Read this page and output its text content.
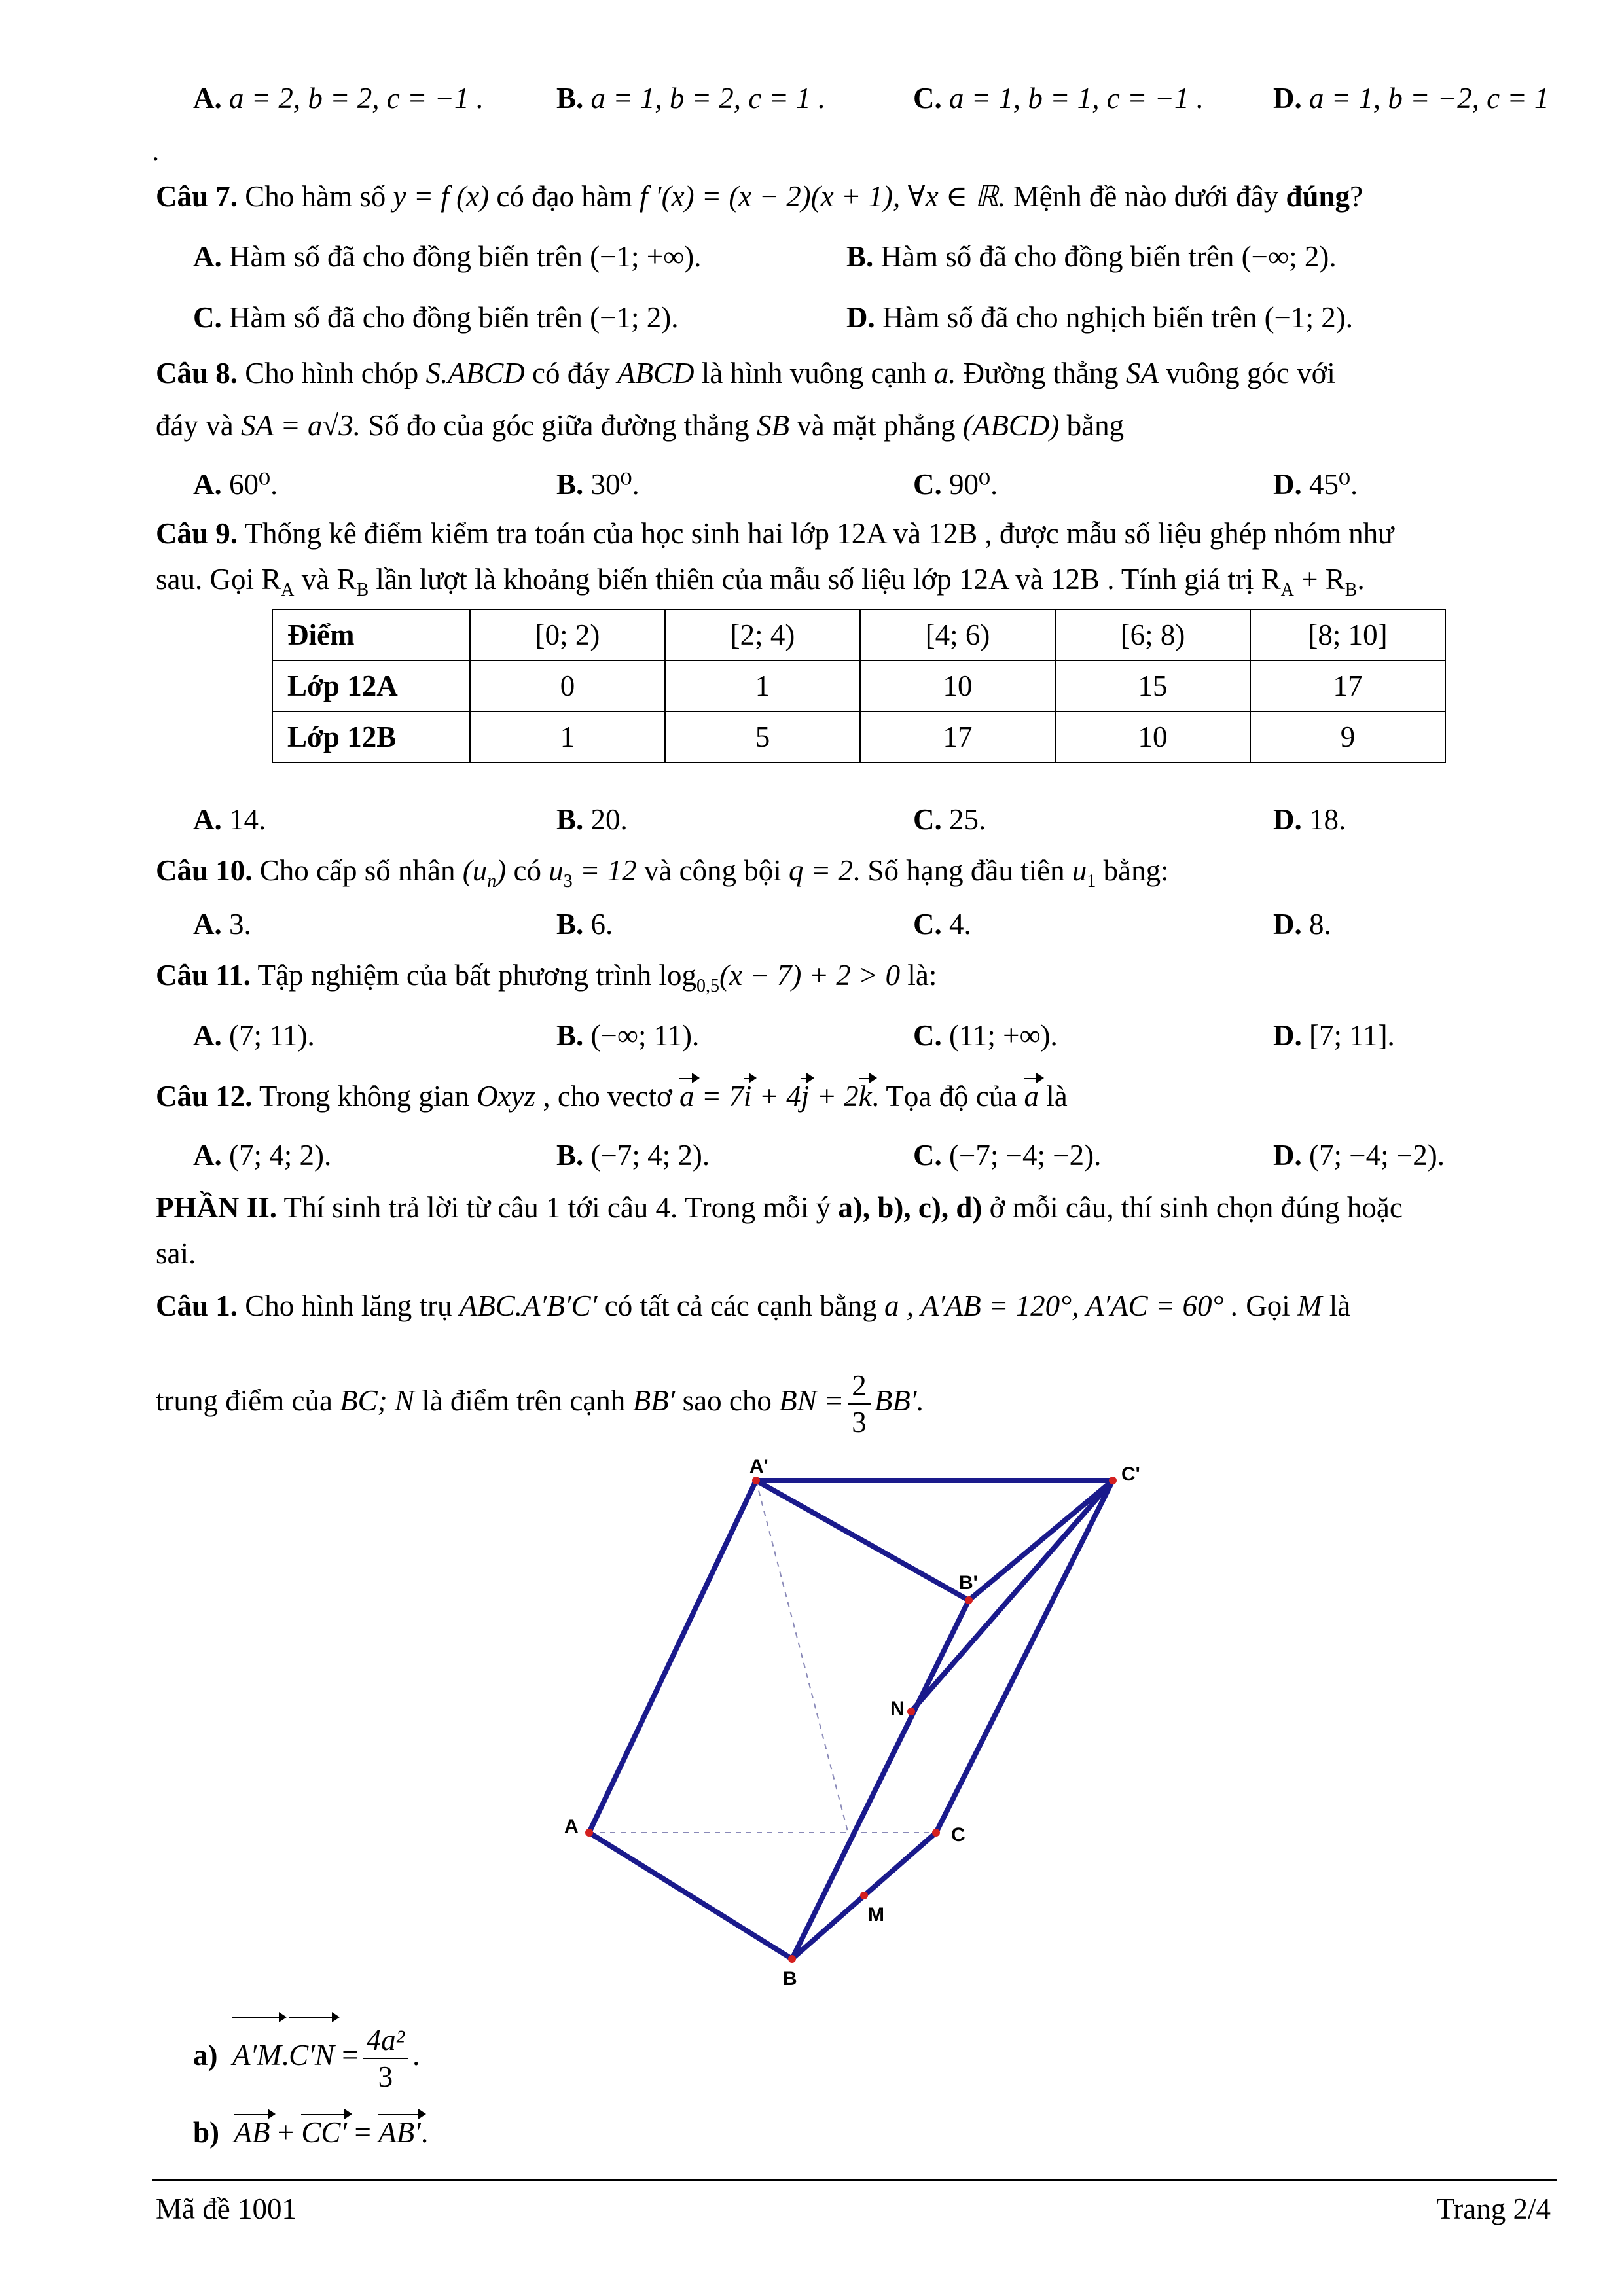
A. a = 2, b = 2, c = −1 . B. a = 1, b = 2, c = 1 .	C. a = 1, b = 1, c = −1 . D. a = 1, b = −2, c = 1
.
Câu 7. Cho hàm số y = f (x) có đạo hàm f ′(x) = (x − 2)(x + 1), ∀x ∈ ℝ. Mệnh đề nào dưới đây đúng?
A. Hàm số đã cho đồng biến trên (−1; +∞).	B. Hàm số đã cho đồng biến trên (−∞; 2).
C. Hàm số đã cho đồng biến trên (−1; 2).	D. Hàm số đã cho nghịch biến trên (−1; 2).
Câu 8. Cho hình chóp S.ABCD có đáy ABCD là hình vuông cạnh a. Đường thẳng SA vuông góc với
đáy và SA = a√3. Số đo của góc giữa đường thẳng SB và mặt phẳng (ABCD) bằng
A. 60⁰.	B. 30⁰.	C. 90⁰.	D. 45⁰.
Câu 9. Thống kê điểm kiểm tra toán của học sinh hai lớp 12A và 12B , được mẫu số liệu ghép nhóm như
sau. Gọi $R_A$ và $R_B$ lần lượt là khoảng biến thiên của mẫu số liệu lớp 12A và 12B . Tính giá trị $R_A + R_B$.
Điểm	[0; 2)	[2; 4)	[4; 6)	[6; 8)	[8; 10]
Lớp 12A	0	1	10	15	17
Lớp 12B	1	5	17	10	9
A. 14.	B. 20.	C. 25.	D. 18.
Câu 10. Cho cấp số nhân $(u_n)$ có $u_3 = 12$ và công bội q = 2. Số hạng đầu tiên $u_1$ bằng:
A. 3.	B. 6.	C. 4.	D. 8.
Câu 11. Tập nghiệm của bất phương trình $\log_{0,5}(x - 7) + 2 > 0$ là:
A. (7; 11).	B. (−∞; 11).	C. (11; +∞).	D. [7; 11].
Câu 12. Trong không gian Oxyz , cho vectơ a = 7i + 4j + 2k. Tọa độ của a là
A. (7; 4; 2).	B. (−7; 4; 2).	C. (−7; −4; −2).	D. (7; −4; −2).
PHẦN II. Thí sinh trả lời từ câu 1 tới câu 4. Trong mỗi ý a), b), c), d) ở mỗi câu, thí sinh chọn đúng hoặc
sai.
Câu 1. Cho hình lăng trụ ABC.A′B′C′ có tất cả các cạnh bằng a , A′AB = 120°, A′AC = 60° . Gọi M là
trung điểm của BC; N là điểm trên cạnh BB′ sao cho BN = $\frac{2}{3} BB'$.
A'	C'
B'
N
A	C
M
B
a) $A'M.C'N = \frac{\text{4a²}}{3}$ .
b) AB + CC′ = AB′.
Mã đề 1001	Trang 2/4
